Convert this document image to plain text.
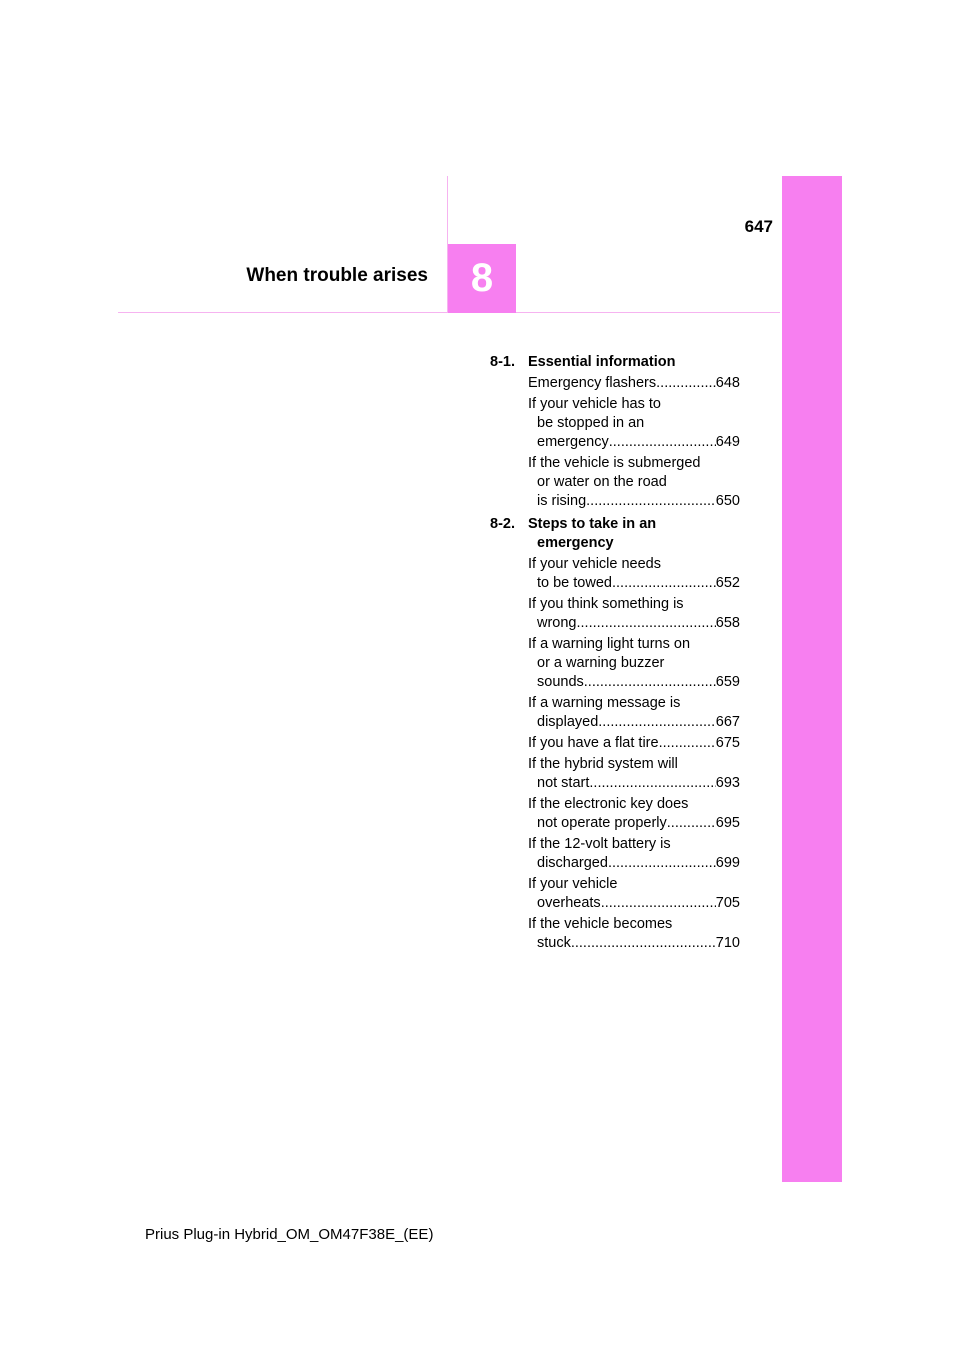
647
When trouble arises	8
8-1. Essential information
Emergency flashers .....	648
If your vehicle has to
be stopped in an
emergency .....	649
If the vehicle is submerged
or water on the road
is rising .....	650
8-2. Steps to take in an
emergency
If your vehicle needs
to be towed .....	652
If you think something is
wrong .....	658
If a warning light turns on
or a warning buzzer
sounds .....	659
If a warning message is
displayed .....	667
If you have a flat tire .....	675
If the hybrid system will
not start. .....	693
If the electronic key does
not operate properly .....	695
If the 12-volt battery is
discharged .....	699
If your vehicle
overheats .....	705
If the vehicle becomes
stuck .....	710
Prius Plug-in Hybrid_OM_OM47F38E_(EE)
